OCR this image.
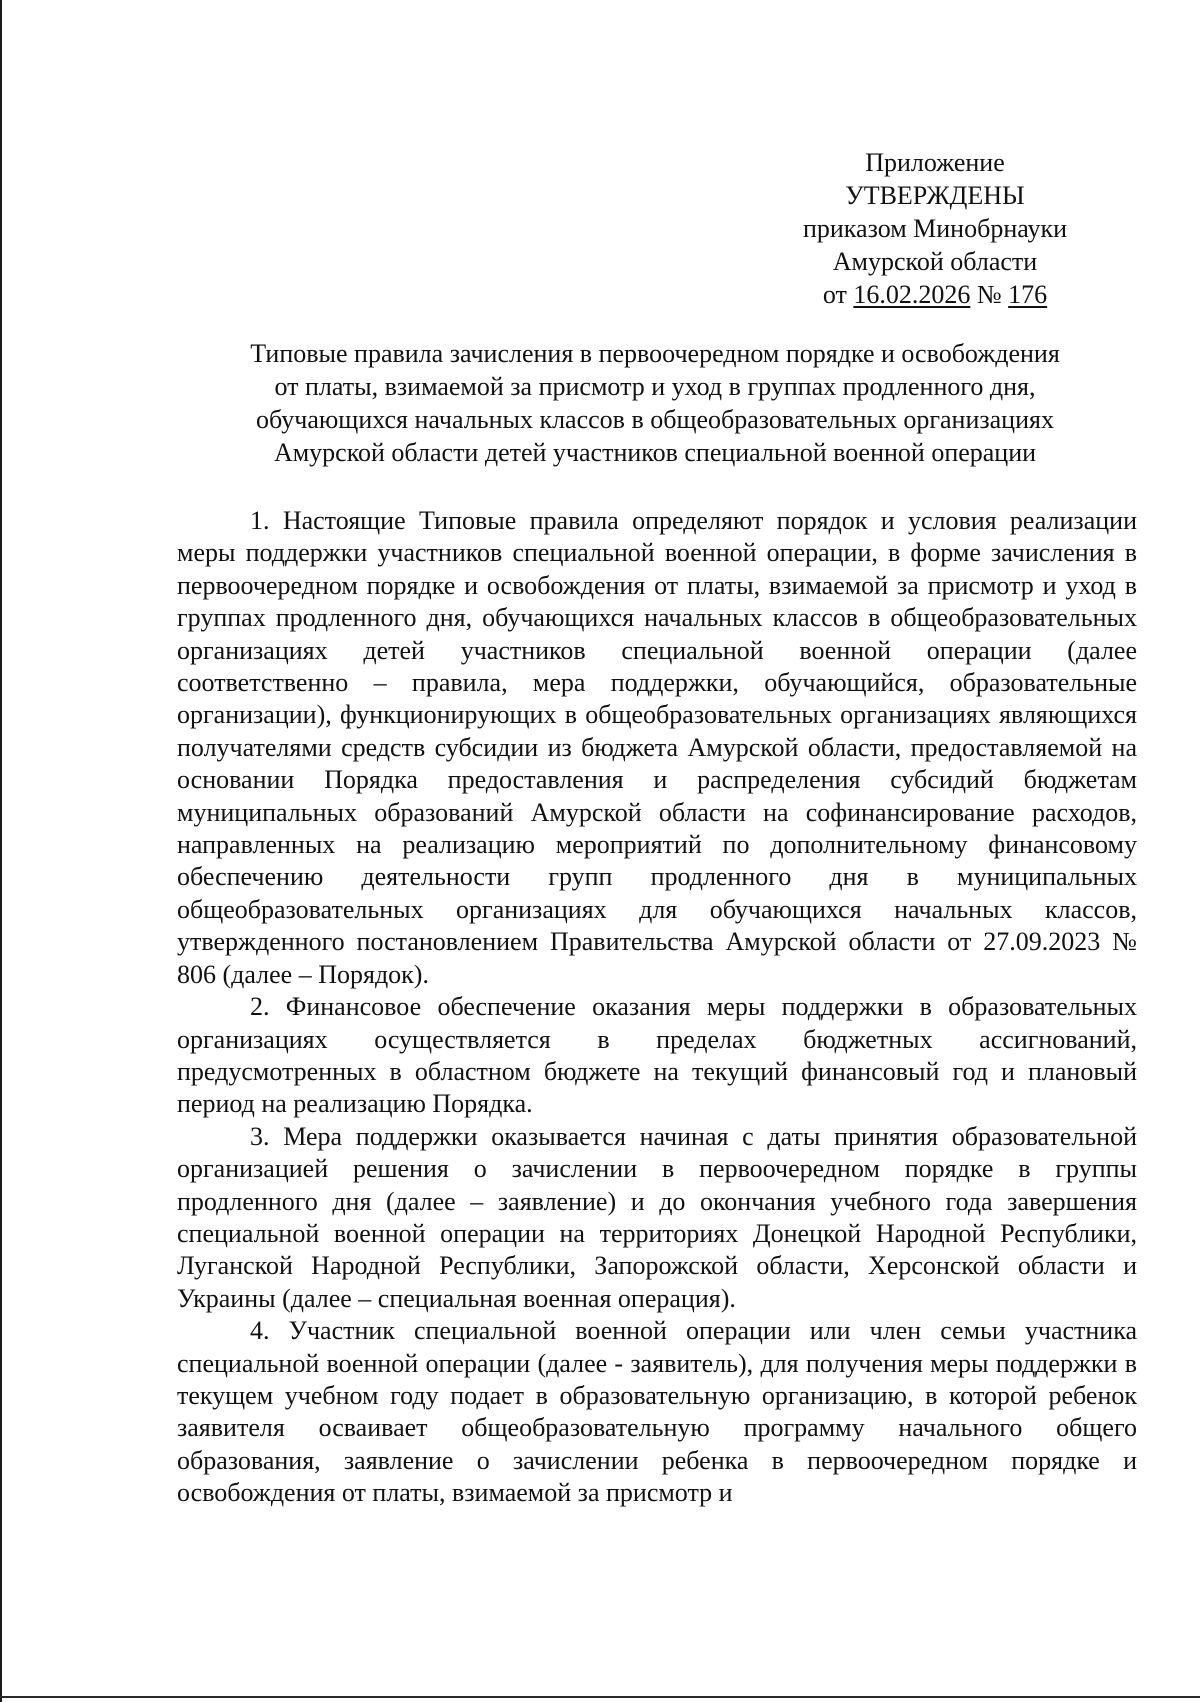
Приложение
УТВЕРЖДЕНЫ
приказом Минобрнауки
Амурской области
от 16.02.2026 № 176
Типовые правила зачисления в первоочередном порядке и освобождения
от платы, взимаемой за присмотр и уход в группах продленного дня,
обучающихся начальных классов в общеобразовательных организациях
Амурской области детей участников специальной военной операции

1. Настоящие Типовые правила определяют порядок и условия реализации меры поддержки участников специальной военной операции, в форме зачисления в первоочередном порядке и освобождения от платы, взимаемой за присмотр и уход в группах продленного дня, обучающихся начальных классов в общеобразовательных организациях детей участников специальной военной операции (далее соответственно – правила, мера поддержки, обучающийся, образовательные организации), функционирующих в общеобразовательных организациях являющихся получателями средств субсидии из бюджета Амурской области, предоставляемой на основании Порядка предоставления и распределения субсидий бюджетам муниципальных образований Амурской области на софинансирование расходов, направленных на реализацию мероприятий по дополнительному финансовому обеспечению деятельности групп продленного дня в муниципальных общеобразовательных организациях для обучающихся начальных классов, утвержденного постановлением Правительства Амурской области от 27.09.2023 № 806 (далее – Порядок).

2. Финансовое обеспечение оказания меры поддержки в образовательных организациях осуществляется в пределах бюджетных ассигнований, предусмотренных в областном бюджете на текущий финансовый год и плановый период на реализацию Порядка.

3. Мера поддержки оказывается начиная с даты принятия образовательной организацией решения о зачислении в первоочередном порядке в группы продленного дня (далее – заявление) и до окончания учебного года завершения специальной военной операции на территориях Донецкой Народной Республики, Луганской Народной Республики, Запорожской области, Херсонской области и Украины (далее – специальная военная операция).

4. Участник специальной военной операции или член семьи участника специальной военной операции (далее - заявитель), для получения меры поддержки в текущем учебном году подает в образовательную организацию, в которой ребенок заявителя осваивает общеобразовательную программу начального общего образования, заявление о зачислении ребенка в первоочередном порядке и освобождения от платы, взимаемой за присмотр и
